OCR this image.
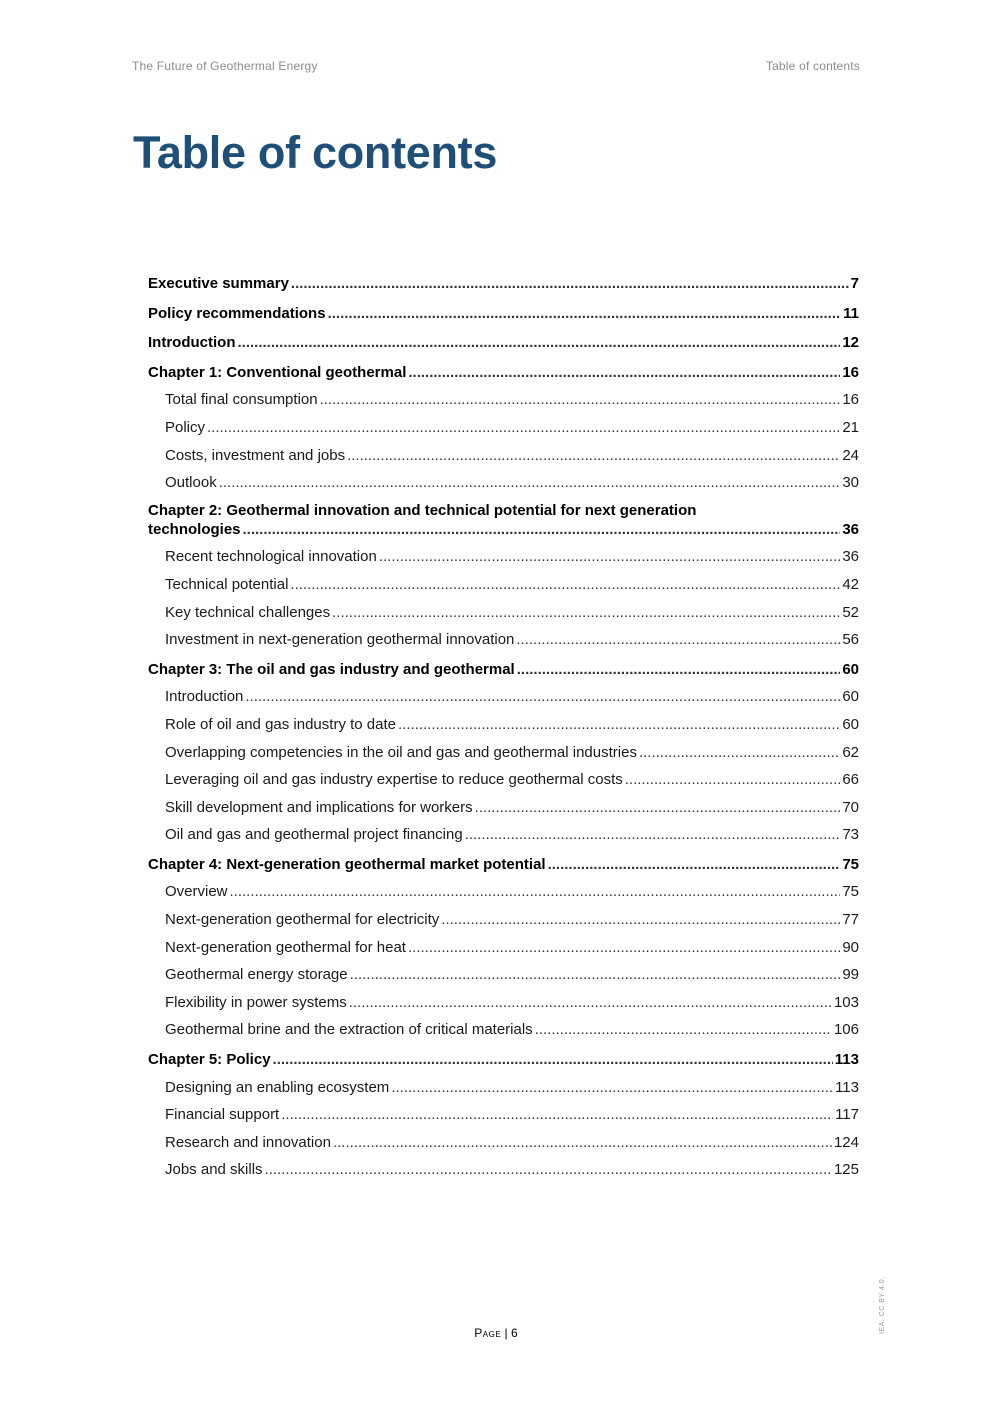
The Future of Geothermal Energy	Table of contents
Table of contents
Executive summary .....	7
Policy recommendations .....	11
Introduction .....	12
Chapter 1: Conventional geothermal .....	16
Total final consumption .....	16
Policy .....	21
Costs, investment and jobs .....	24
Outlook .....	30
Chapter 2: Geothermal innovation and technical potential for next generation
technologies .....	36
Recent technological innovation .....	36
Technical potential .....	42
Key technical challenges .....	52
Investment in next-generation geothermal innovation .....	56
Chapter 3: The oil and gas industry and geothermal .....	60
Introduction .....	60
Role of oil and gas industry to date .....	60
Overlapping competencies in the oil and gas and geothermal industries .....	62
Leveraging oil and gas industry expertise to reduce geothermal costs .....	66
Skill development and implications for workers .....	70
Oil and gas and geothermal project financing .....	73
Chapter 4: Next-generation geothermal market potential .....	75
Overview .....	75
Next-generation geothermal for electricity .....	77
Next-generation geothermal for heat .....	90
Geothermal energy storage .....	99
Flexibility in power systems .....	103
Geothermal brine and the extraction of critical materials .....	106
Chapter 5: Policy .....	113
Designing an enabling ecosystem .....	113
Financial support .....	117
Research and innovation .....	124
Jobs and skills .....	125
Page | 6	IEA. CC BY 4.0.
